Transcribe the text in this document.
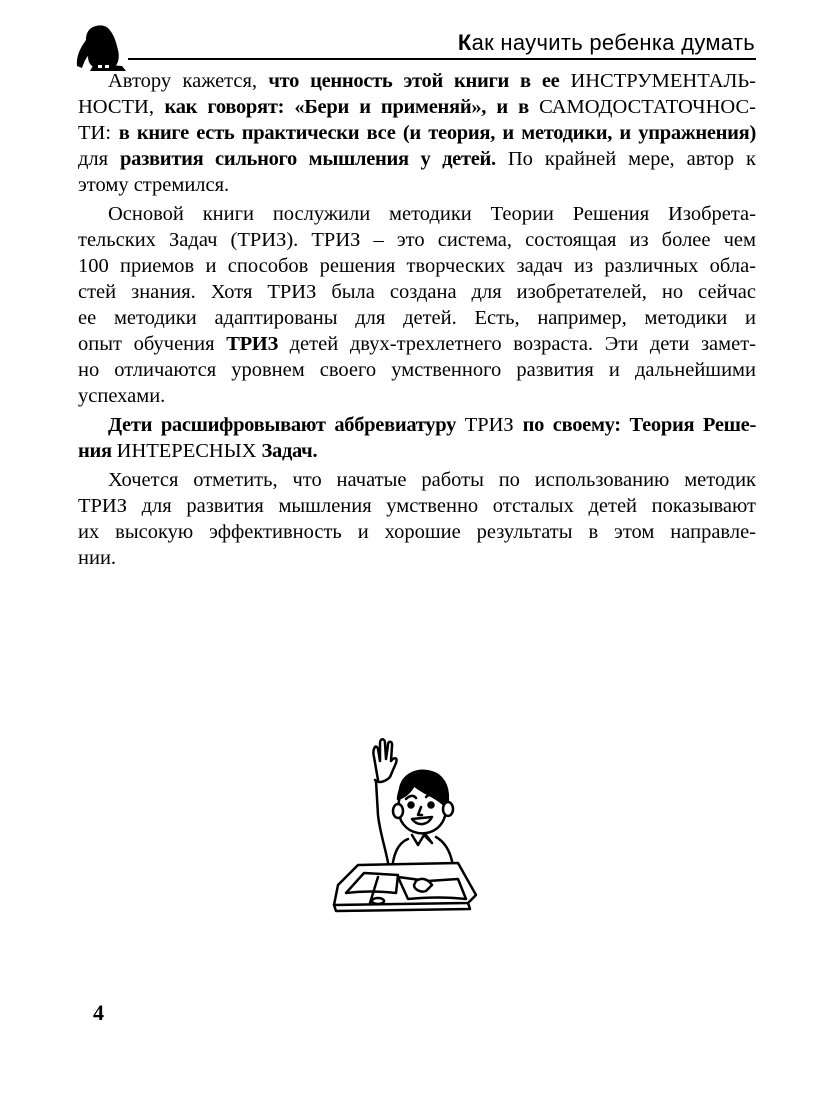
Как научить ребенка думать
Автору кажется, что ценность этой книги в ее ИНСТРУМЕНТАЛЬ-
НОСТИ, как говорят: «Бери и применяй», и в САМОДОСТАТОЧНОС-
ТИ: в книге есть практически все (и теория, и методики, и упражнения)
для развития сильного мышления у детей. По крайней мере, автор к
этому стремился.
Основой книги послужили методики Теории Решения Изобрета-
тельских Задач (ТРИЗ). ТРИЗ – это система, состоящая из более чем
100 приемов и способов решения творческих задач из различных обла-
стей знания. Хотя ТРИЗ была создана для изобретателей, но сейчас
ее методики адаптированы для детей. Есть, например, методики и
опыт обучения ТРИЗ детей двух-трехлетнего возраста. Эти дети замет-
но отличаются уровнем своего умственного развития и дальнейшими
успехами.
Дети расшифровывают аббревиатуру ТРИЗ по своему: Теория Реше-
ния ИНТЕРЕСНЫХ Задач.
Хочется отметить, что начатые работы по использованию методик
ТРИЗ для развития мышления умственно отсталых детей показывают
их высокую эффективность и хорошие результаты в этом направле-
нии.
4
